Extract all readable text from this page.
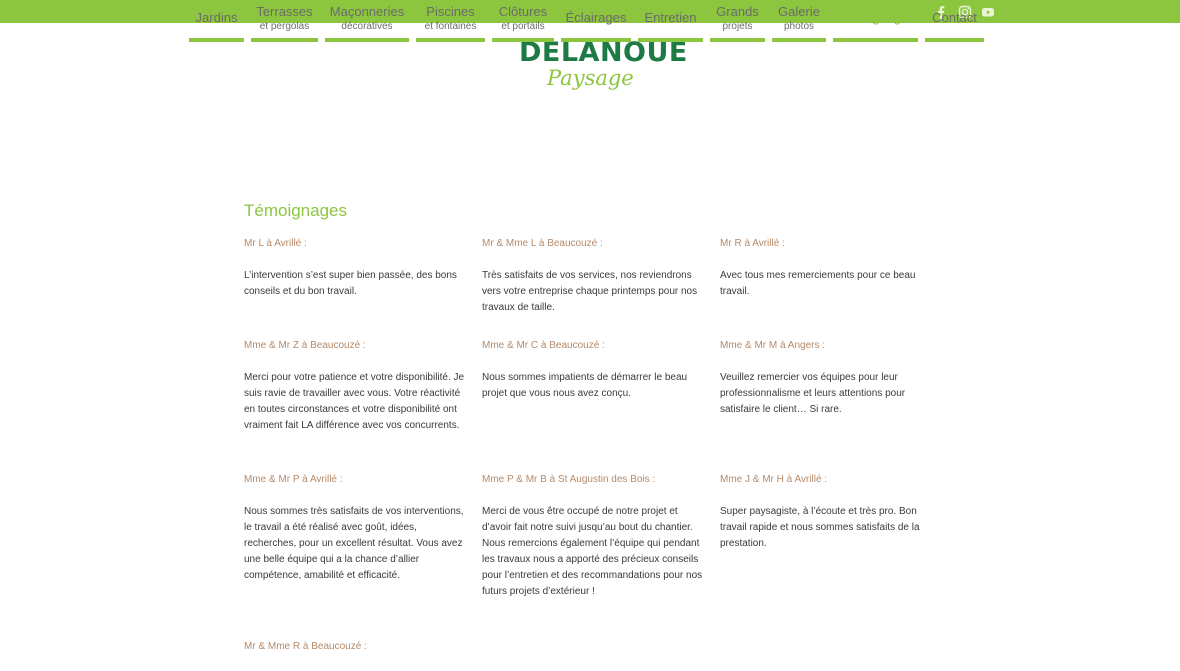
DELANOUE
Paysage
Jardins	Terrasses
et pergolas
Maçonneries
décoratives
Piscines
et fontaines
Clôtures
et portails
Éclairages	Entretien	Grands
projets
Galerie
photos
Témoignages	Contact
Témoignages

Mr L à Avrillé :

L’intervention s’est super bien passée, des bons conseils et du bon travail.

Mr & Mme L à Beaucouzé :

Très satisfaits de vos services, nos reviendrons vers votre entreprise chaque printemps pour nos travaux de taille.

Mr R à Avrillé :

Avec tous mes remerciements pour ce beau travail.

Mme & Mr Z à Beaucouzé :

Merci pour votre patience et votre disponibilité. Je suis ravie de travailler avec vous. Votre réactivité en toutes circonstances et votre disponibilité ont vraiment fait LA différence avec vos concurrents.

Mme & Mr C à Beaucouzé :

Nous sommes impatients de démarrer le beau projet que vous nous avez conçu.

Mme & Mr M à Angers :

Veuillez remercier vos équipes pour leur professionnalisme et leurs attentions pour satisfaire le client… Si rare.

Mme & Mr P à Avrillé :

Nous sommes très satisfaits de vos interventions, le travail a été réalisé avec goût, idées, recherches, pour un excellent résultat. Vous avez une belle équipe qui a la chance d’allier compétence, amabilité et efficacité.

Mme P & Mr B à St Augustin des Bois :

Merci de vous être occupé de notre projet et d’avoir fait notre suivi jusqu’au bout du chantier. Nous remercions également l’équipe qui pendant les travaux nous a apporté des précieux conseils pour l’entretien et des recommandations pour nos futurs projets d’extérieur !

Mme J & Mr H à Avrillé :

Super paysagiste, à l’écoute et très pro. Bon travail rapide et nous sommes satisfaits de la prestation.

Mr & Mme R à Beaucouzé :
